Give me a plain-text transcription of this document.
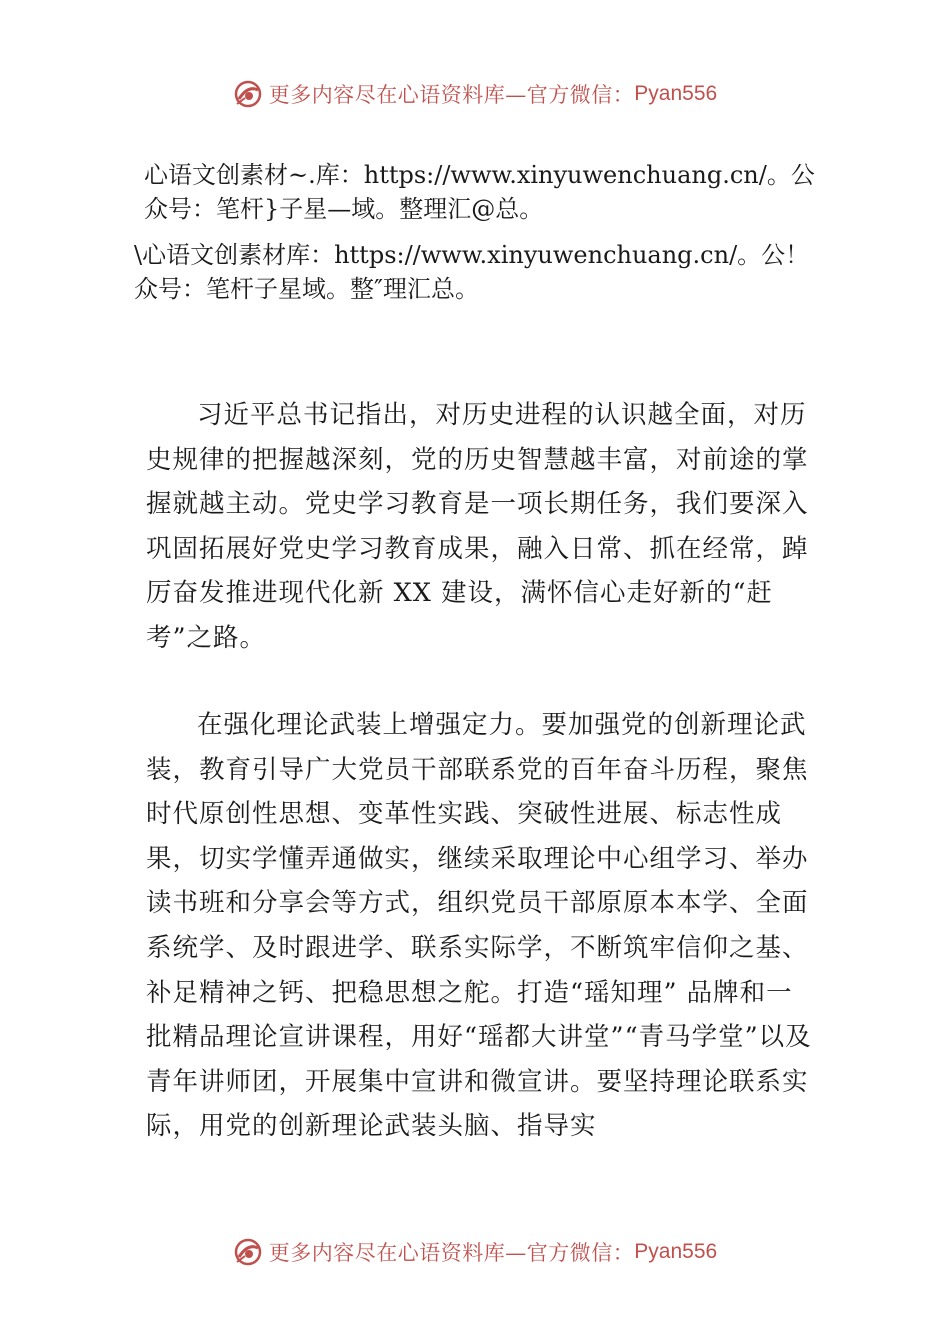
更多内容尽在心语资料库—官方微信： Pyan556
心语文创素材~.库：https://www.xinyuwenchuang.cn/。公
众号：笔杆}子星—域。整理汇@总。
\心语文创素材库：https://www.xinyuwenchuang.cn/。公！
众号：笔杆子星域。整″理汇总。

习近平总书记指出，对历史进程的认识越全面，对历史规律的把握越深刻，党的历史智慧越丰富，对前途的掌握就越主动。党史学习教育是一项长期任务，我们要深入巩固拓展好党史学习教育成果，融入日常、抓在经常，踔厉奋发推进现代化新 XX 建设，满怀信心走好新的“赶考”之路。

在强化理论武装上增强定力。要加强党的创新理论武装，教育引导广大党员干部联系党的百年奋斗历程，聚焦时代原创性思想、变革性实践、突破性进展、标志性成果，切实学懂弄通做实，继续采取理论中心组学习、举办读书班和分享会等方式，组织党员干部原原本本学、全面系统学、及时跟进学、联系实际学，不断筑牢信仰之基、补足精神之钙、把稳思想之舵。打造“瑶知理” 品牌和一批精品理论宣讲课程，用好“瑶都大讲堂”“青马学堂”以及青年讲师团，开展集中宣讲和微宣讲。要坚持理论联系实际，用党的创新理论武装头脑、指导实

更多内容尽在心语资料库—官方微信： Pyan556
